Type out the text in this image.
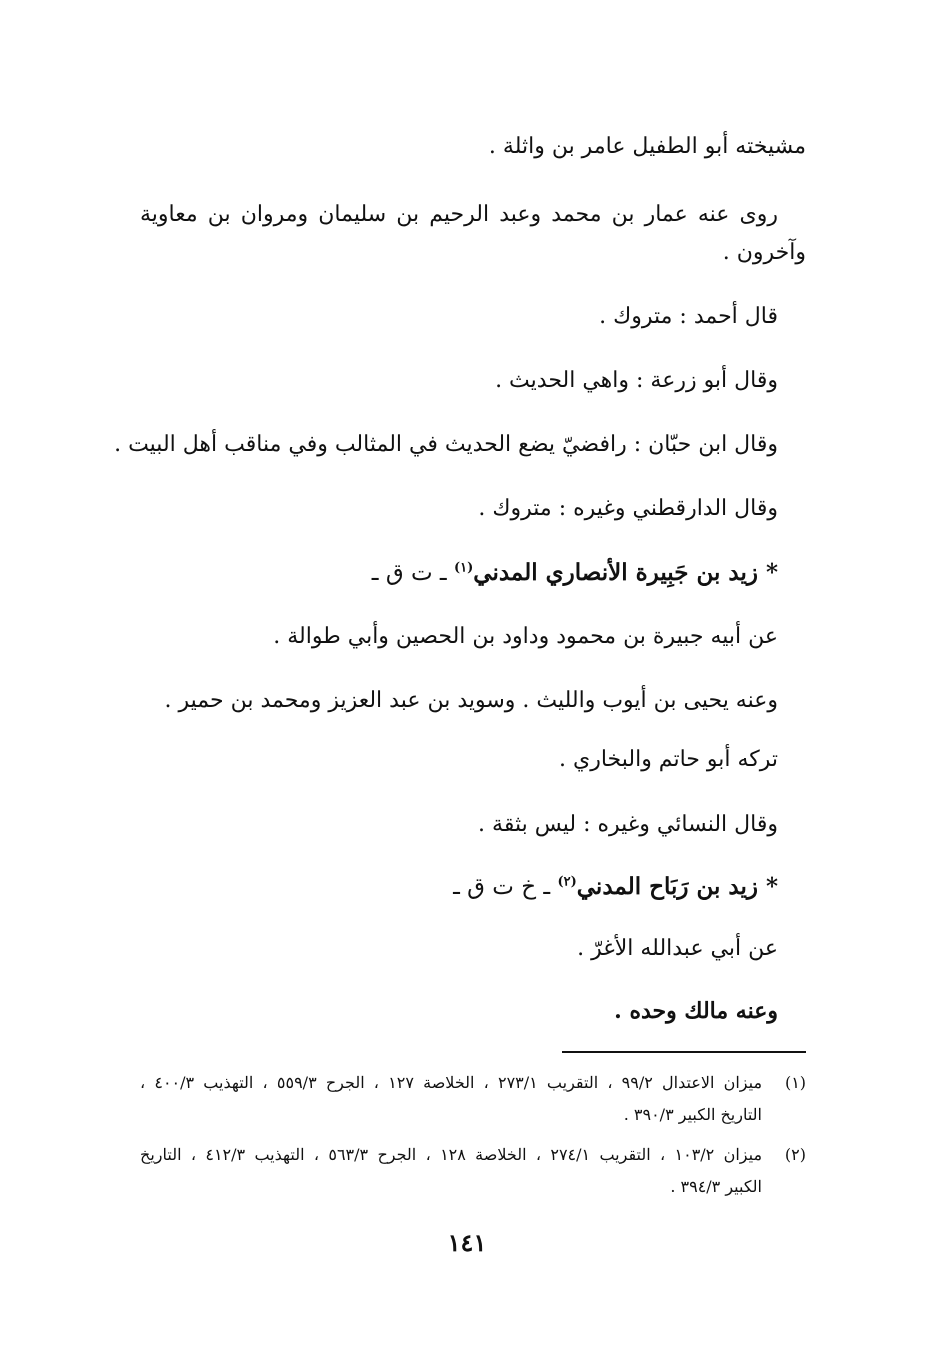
مشيخته أبو الطفيل عامر بن واثلة .
روى عنه عمار بن محمد وعبد الرحيم بن سليمان ومروان بن معاوية
وآخرون .
قال أحمد : متروك .
وقال أبو زرعة : واهي الحديث .
وقال ابن حبّان : رافضيّ يضع الحديث في المثالب وفي مناقب أهل البيت .
وقال الدارقطني وغيره : متروك .
* زيد بن جَبِيرة الأنصاري المدني$^{(١)}$ ـ ت ق ـ
عن أبيه جبيرة بن محمود وداود بن الحصين وأبي طوالة .
وعنه يحيى بن أيوب والليث . وسويد بن عبد العزيز ومحمد بن حمير .
تركه أبو حاتم والبخاري .
وقال النسائي وغيره : ليس بثقة .
* زيد بن رَبَاح المدني$^{(٢)}$ ـ خ ت ق ـ
عن أبي عبدالله الأغرّ .
وعنه مالك وحده .
(١)ميزان الاعتدال ٩٩/٢ ، التقريب ٢٧٣/١ ، الخلاصة ١٢٧ ، الجرح ٥٥٩/٣ ، التهذيب ٤٠٠/٣ ،
التاريخ الكبير ٣٩٠/٣ .
(٢)ميزان ١٠٣/٢ ، التقريب ٢٧٤/١ ، الخلاصة ١٢٨ ، الجرح ٥٦٣/٣ ، التهذيب ٤١٢/٣ ، التاريخ
الكبير ٣٩٤/٣ .
١٤١
